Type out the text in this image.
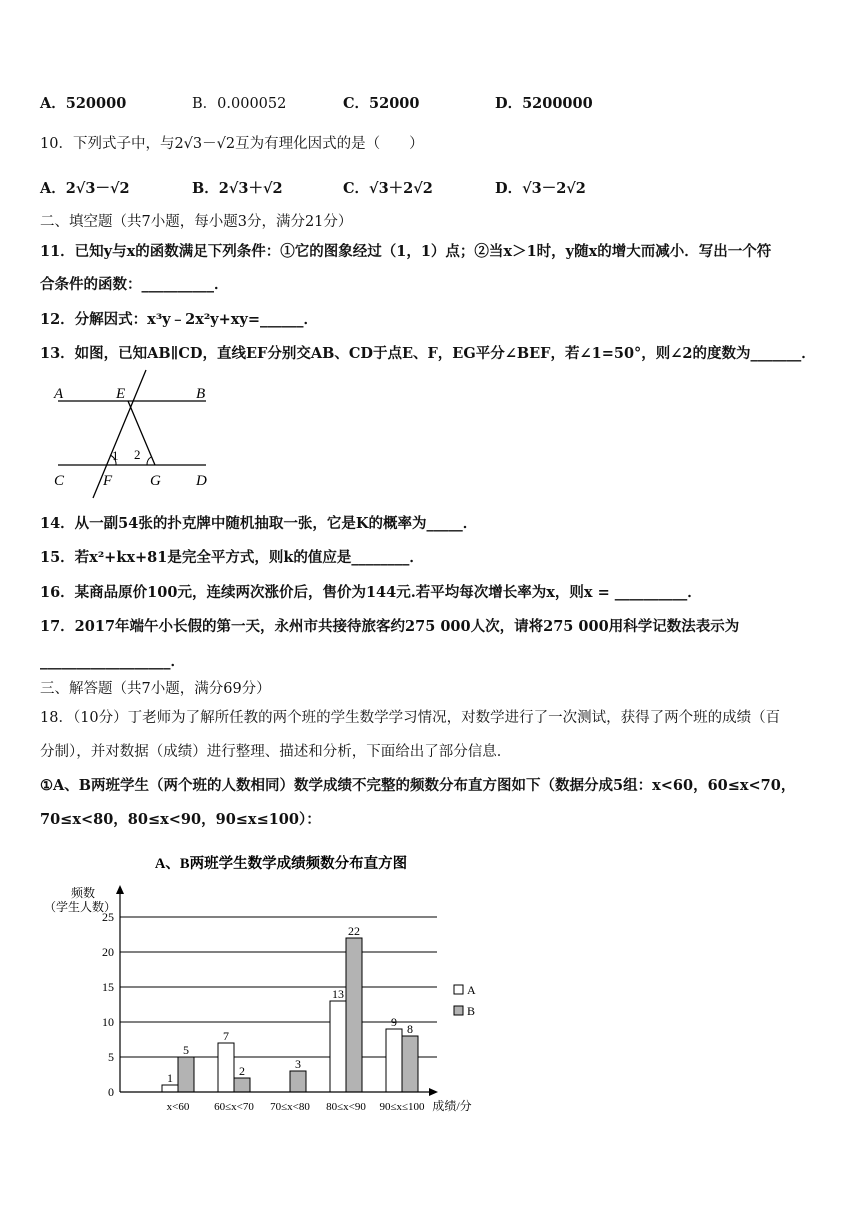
A．520000	B．0.000052	C．52000	D．5200000
10．下列式子中，与2√3－√2互为有理化因式的是（　　）
A．2√3－√2	B．2√3＋√2	C．√3＋2√2	D．√3－2√2
二、填空题（共7小题，每小题3分，满分21分）
11．已知y与x的函数满足下列条件：①它的图象经过（1，1）点；②当x＞1时，y随x的增大而减小．写出一个符
合条件的函数：__________．
12．分解因式：x³y﹣2x²y+xy=______．
13．如图，已知AB∥CD，直线EF分别交AB、CD于点E、F，EG平分∠BEF，若∠1=50°，则∠2的度数为_______．
A	B
E
C	F	G D
1 2
14．从一副54张的扑克牌中随机抽取一张，它是K的概率为_____．
15．若x²+kx+81是完全平方式，则k的值应是________．
16．某商品原价100元，连续两次涨价后，售价为144元.若平均每次增长率为x，则x = __________．
17．2017年端午小长假的第一天，永州市共接待旅客约275 000人次，请将275 000用科学记数法表示为
__________________．
三、解答题（共7小题，满分69分）
18．（10分）丁老师为了解所任教的两个班的学生数学学习情况，对数学进行了一次测试，获得了两个班的成绩（百
分制），并对数据（成绩）进行整理、描述和分析，下面给出了部分信息．
①A、B两班学生（两个班的人数相同）数学成绩不完整的频数分布直方图如下（数据分成5组：x<60，60≤x<70，
70≤x<80，80≤x<90，90≤x≤100）：
A、B两班学生数学成绩频数分布直方图
频数
（学生人数）
成绩/分
0
5
10
15
20
25
1
5
x<60
7
2
60≤x<70
3
70≤x<80
13
22
80≤x<90
9 8
90≤x≤100
A
B
